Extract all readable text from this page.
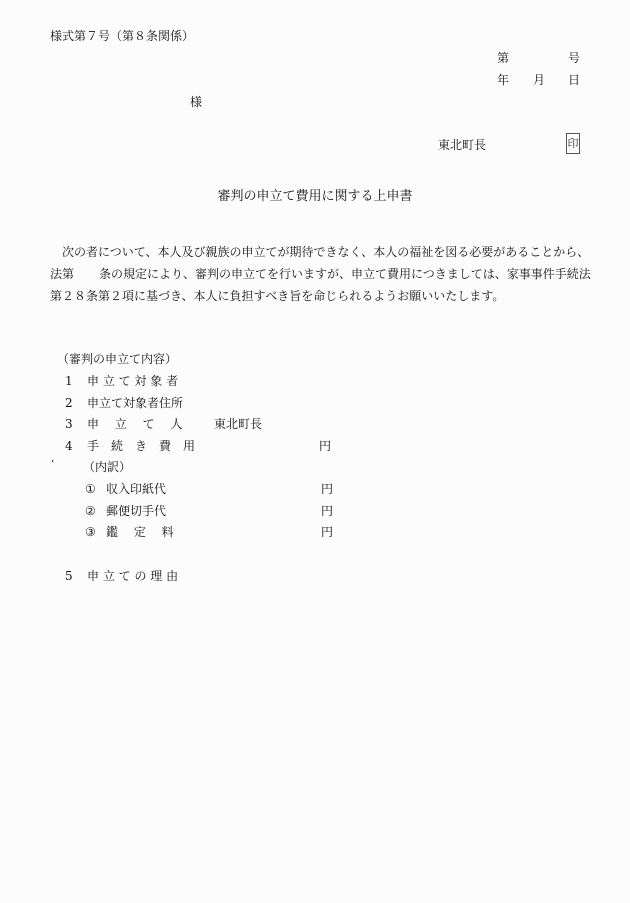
様式第７号（第８条関係）
第	号
年 月 日
様
東北町長	印
審判の申立て費用に関する上申書
次の者について、本人及び親族の申立てが期待できなく、本人の福祉を図る必要があることから、
法第 条の規定により、審判の申立てを行いますが、申立て費用につきましては、家事事件手続法
第２８条第２項に基づき、本人に負担すべき旨を命じられるようお願いいたします。
（審判の申立て内容）
1 申 立 て 対 象 者
2 申立て対象者住所
3 申　 立　 て　 人	東北町長
4 手　続　き　費　用	円
‘ （内訳）
① 収入印紙代	円
② 郵便切手代	円
③ 鑑　 定　 料	円
5 申 立 て の 理 由
